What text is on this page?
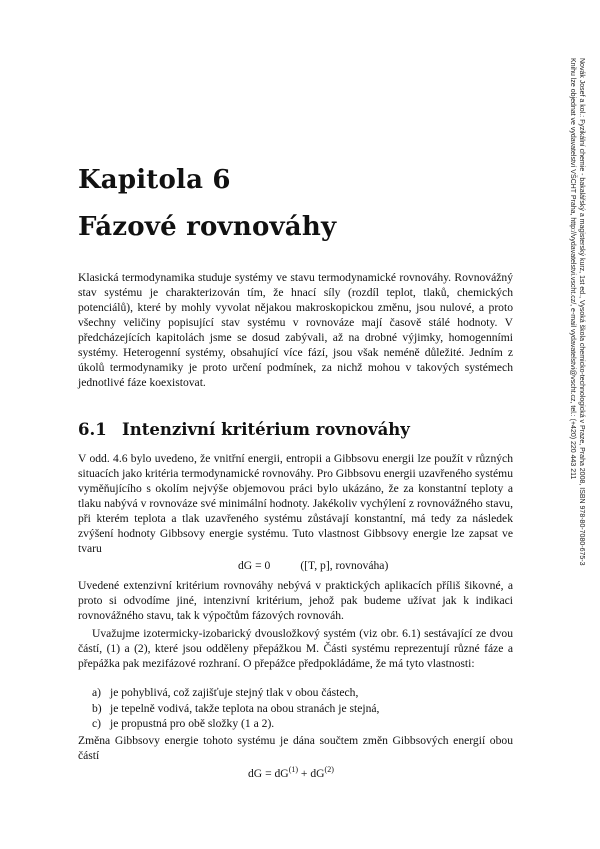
Kapitola 6
Fázové rovnováhy

Klasická termodynamika studuje systémy ve stavu termodynamické rovnováhy. Rovnovážný stav systému je charakterizován tím, že hnací síly (rozdíl teplot, tlaků, chemických potenciálů), které by mohly vyvolat nějakou makroskopickou změnu, jsou nulové, a proto všechny veličiny popisující stav systému v rovnováze mají časově stálé hodnoty. V předcházejících kapitolách jsme se dosud zabývali, až na drobné výjimky, homogenními systémy. Heterogenní systémy, obsahující více fází, jsou však neméně důležité. Jedním z úkolů termodynamiky je proto určení podmínek, za nichž mohou v takových systémech jednotlivé fáze koexistovat.

6.1 Intenzivní kritérium rovnováhy

V odd. 4.6 bylo uvedeno, že vnitřní energii, entropii a Gibbsovu energii lze použít v různých situacích jako kritéria termodynamické rovnováhy. Pro Gibbsovu energii uzavřeného systému vyměňujícího s okolím nejvýše objemovou práci bylo ukázáno, že za konstantní teploty a tlaku nabývá v rovnováze své minimální hodnoty. Jakékoliv vychýlení z rovnovážného stavu, při kterém teplota a tlak uzavřeného systému zůstávají konstantní, má tedy za následek zvýšení hodnoty Gibbsovy energie systému. Tuto vlastnost Gibbsovy energie lze zapsat ve tvaru

dG = 0	([T, p], rovnováha)

Uvedené extenzivní kritérium rovnováhy nebývá v praktických aplikacích příliš šikovné, a proto si odvodíme jiné, intenzivní kritérium, jehož pak budeme užívat jak k indikaci rovnovážného stavu, tak k výpočtům fázových rovnováh.

Uvažujme izotermicky-izobarický dvousložkový systém (viz obr. 6.1) sestávající ze dvou částí, (1) a (2), které jsou odděleny přepážkou M. Části systému reprezentují různé fáze a přepážka pak mezifázové rozhraní. O přepážce předpokládáme, že má tyto vlastnosti:

a) je pohyblivá, což zajišťuje stejný tlak v obou částech,
b) je tepelně vodivá, takže teplota na obou stranách je stejná,
c) je propustná pro obě složky (1 a 2).

Změna Gibbsovy energie tohoto systému je dána součtem změn Gibbsových energií obou částí

dG = $dG^{(1)} + dG^{(2)}$
Novák Josef a kol.: Fyzikální chemie - bakalářský a magisterský kurz, 1st ed., Vysoká škola chemicko-technologická v Praze, Praha 2008, ISBN 978-80-7080-675-3
Knihu lze objednat ve vydavatelství VŠCHT Praha, http://vydavatelstvi.vscht.cz/, e-mail vydavatelstvi@vscht.cz, tel.: (+420) 220 443 211
